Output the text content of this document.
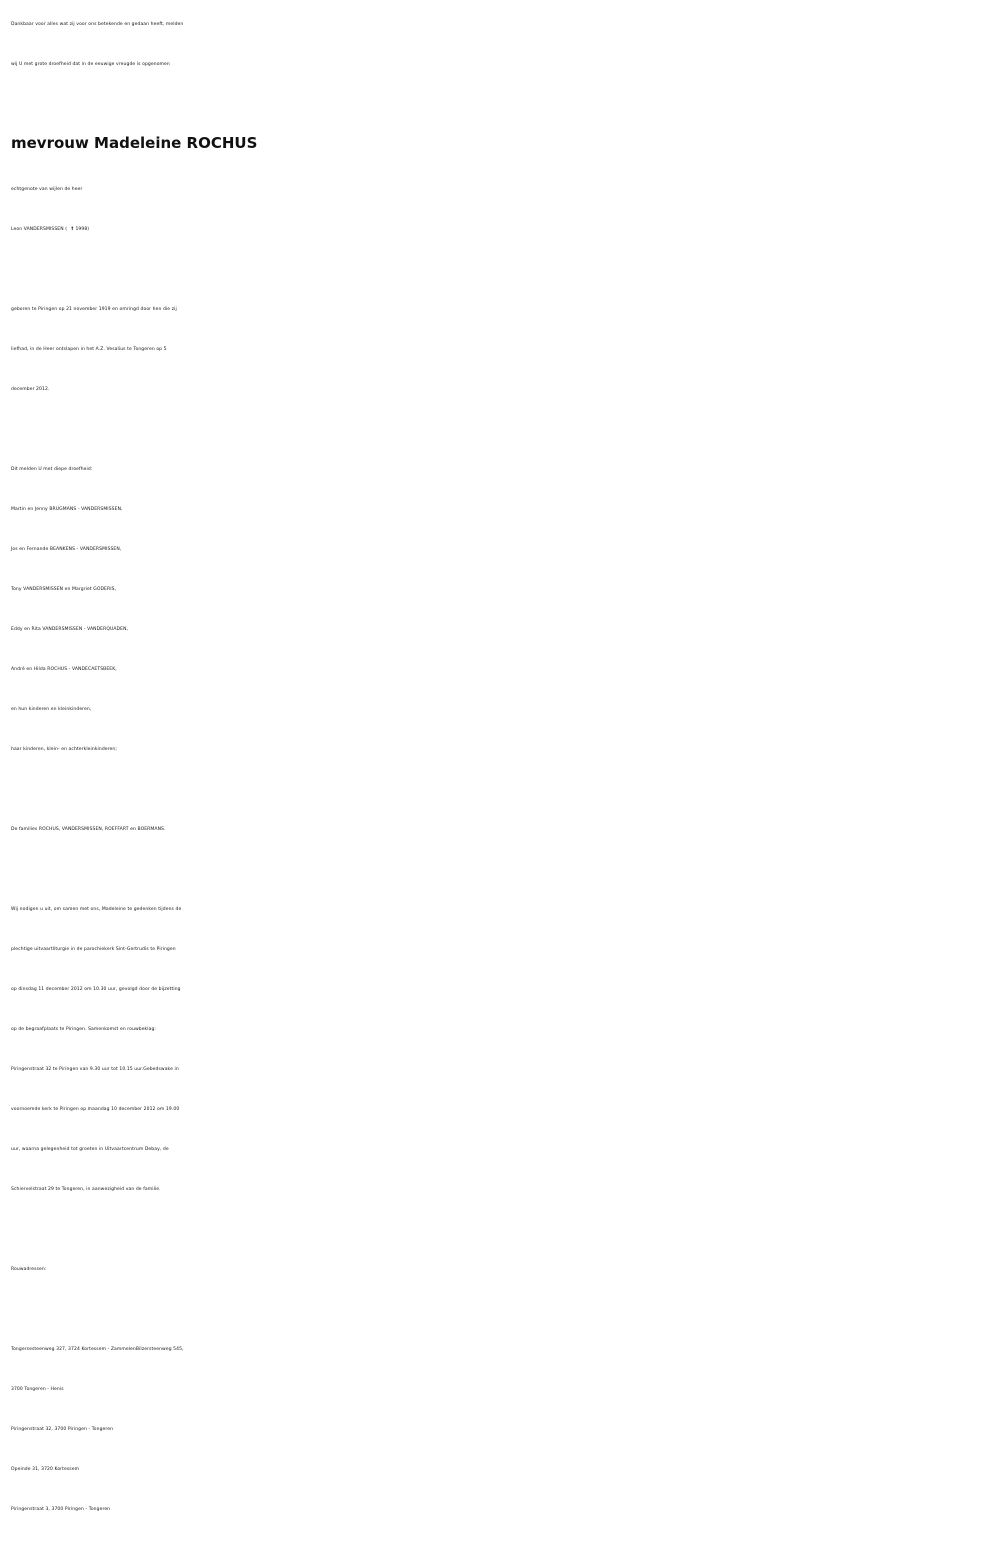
Dankbaar voor alles wat zij voor ons betekende en gedaan heeft, melden
wij U met grote droefheid dat in de eeuwige vreugde is opgenomen
mevrouw Madeleine ROCHUS
echtgenote van wijlen de heer
Leon VANDERSMISSEN ( † 1998)
geboren te Piringen op 21 november 1919 en omringd door hen die zij
liefhad, in de Heer ontslapen in het A.Z. Vesalius te Tongeren op 5
december 2012.
Dit melden U met diepe droefheid:
Martin en Jenny BRUGMANS - VANDERSMISSEN,
Jos en Fernande BEANKENS - VANDERSMISSEN,
Tony VANDERSMISSEN en Margriet GODERIS,
Eddy en Rita VANDERSMISSEN - VANDERQUADEN,
André en Hilda ROCHUS - VANDECAETSBEEK,
en hun kinderen en kleinkinderen,
haar kinderen, klein- en achterkleinkinderen;
De families ROCHUS, VANDERSMISSEN, ROEFFART en BOERMANS.
Wij nodigen u uit, om samen met ons, Madeleine te gedenken tijdens de
plechtige uitvaartliturgie in de parochiekerk Sint-Gertrudis te Piringen
op dinsdag 11 december 2012 om 10.30 uur, gevolgd door de bijzetting
op de begraafplaats te Piringen. Samenkomst en rouwbeklag:
Piringenstraat 32 te Piringen van 9.30 uur tot 10.15 uur.Gebedswake in
voornoemde kerk te Piringen op maandag 10 december 2012 om 19.00
uur, waarna gelegenheid tot groeten in Uitvaartcentrum Debay, de
Schiervelstraat 29 te Tongeren, in aanwezigheid van de familie.
Rouwadressen:
Tongersesteenweg 327, 3724 Kortessem - ZammelenBilzersteenweg 545,
3700 Tongeren - Henis
Piringenstraat 32, 3700 Piringen - Tongeren
Opeinde 31, 3720 Kortessem
Piringenstraat 3, 3700 Piringen - Tongeren
